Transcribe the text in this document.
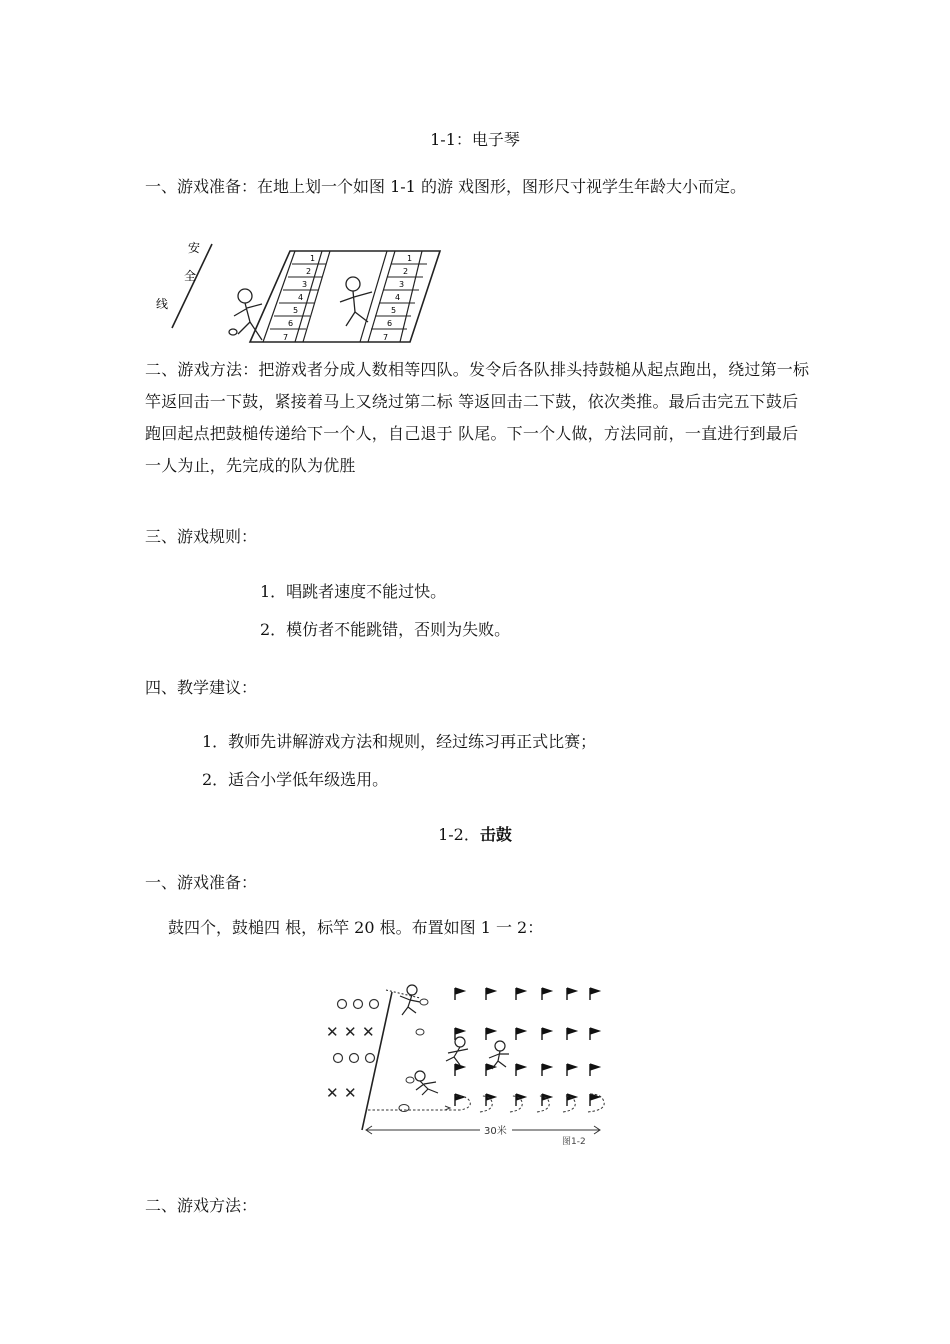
1-1：电子琴
一、游戏准备：在地上划一个如图 1-1 的游 戏图形，图形尺寸视学生年龄大小而定。
安
全
线
1
2
3
4
5
6
7
1
2
3
4
5
6
7
二、游戏方法：把游戏者分成人数相等四队。发令后各队排头持鼓槌从起点跑出，绕过第一标竿返回击一下鼓，紧接着马上又绕过第二标 等返回击二下鼓，依次类推。最后击完五下鼓后跑回起点把鼓槌传递给下一个人，自己退于 队尾。下一个人做，方法同前，一直进行到最后一人为止，先完成的队为优胜
三、游戏规则：
1．唱跳者速度不能过快。
2．模仿者不能跳错，否则为失败。
四、教学建议：
1．教师先讲解游戏方法和规则，经过练习再正式比赛；
2．适合小学低年级选用。
1-2．击鼓
一、游戏准备：
鼓四个，鼓槌四 根，标竿 20 根。布置如图 1 一 2：
✕ ✕ ✕
✕ ✕
30米
图1-2
二、游戏方法：
